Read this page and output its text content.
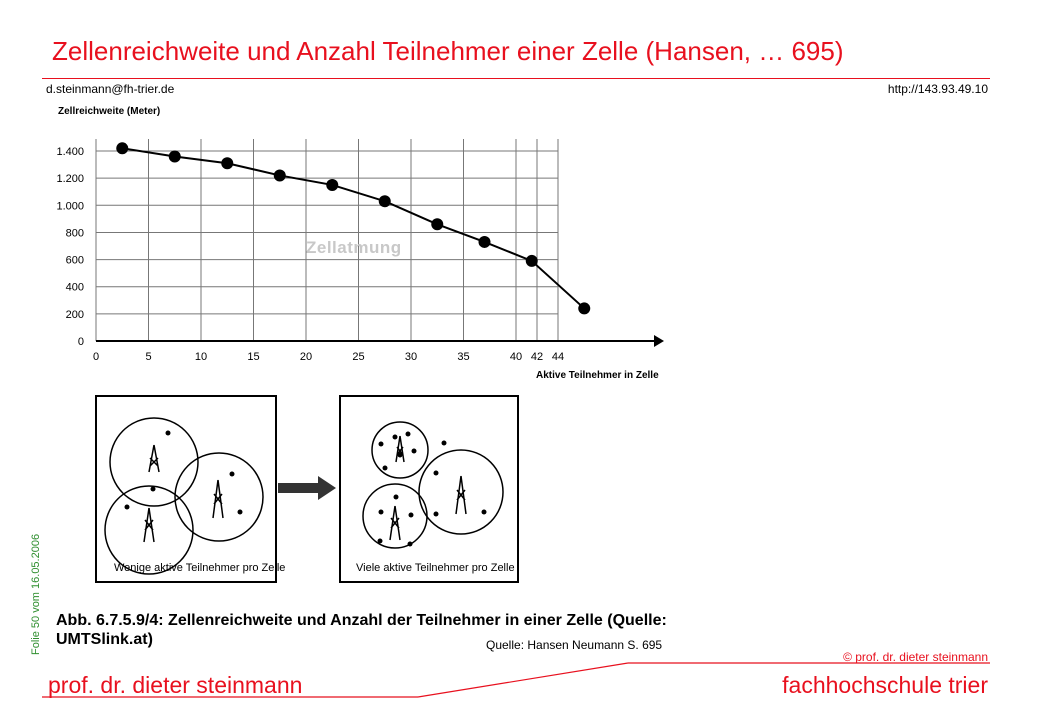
Zellenreichweite und Anzahl Teilnehmer einer Zelle (Hansen, … 695)
d.steinmann@fh-trier.de	http://143.93.49.10
Folie 50 vom 16.05.2006
0	5	10	15	20	25	30	35	40 42 44
0
200
400
600
800
1.000
1.200
1.400
Zellreichweite (Meter)
Aktive Teilnehmer in Zelle
Zellatmung
Wenige aktive Teilnehmer pro Zelle	Viele aktive Teilnehmer pro Zelle
Abb. 6.7.5.9/4: Zellenreichweite und Anzahl der Teilnehmer in einer Zelle (Quelle: UMTSlink.at)	Quelle: Hansen Neumann S. 695
© prof. dr. dieter steinmann
prof. dr. dieter steinmann	fachhochschule trier
